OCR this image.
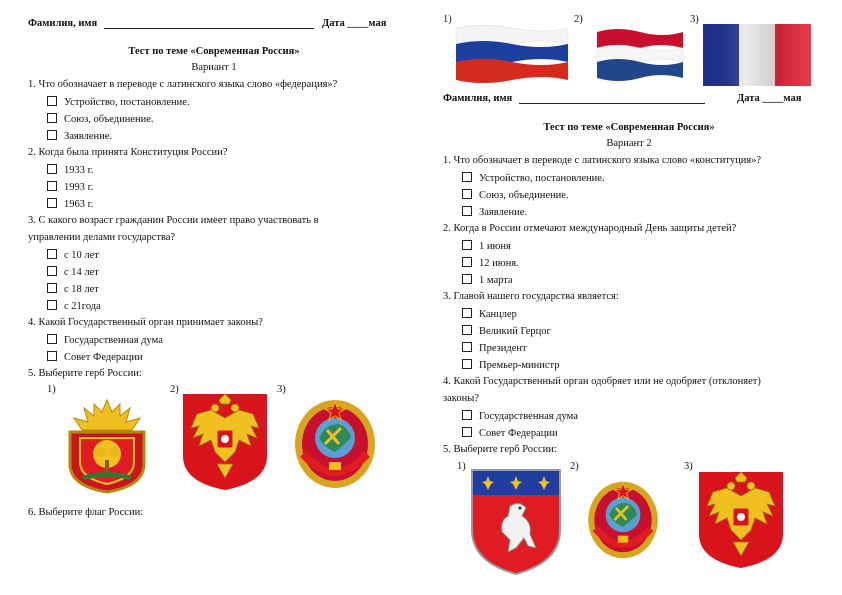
Фамилия, имя	Дата ____мая
Тест по теме «Современная Россия»
Вариант 1
1. Что обозначает в переводе с латинского языка слово «федерация»?
Устройство, постановление.
Союз, объединение.
Заявление.
2. Когда была принята Конституция России?
1933 г.
1993 г.
1963 г.
3. С какого возраст гражданин России имеет право участвовать в
управлении делами государства?
с 10 лет
с 14 лет
с 18 лет
с 21года
4. Какой Государственный орган принимает законы?
Государственная дума
Совет Федерации
5. Выберите герб России:
1)	2)	3)
6. Выберите флаг России:
1)	2)	3)
Фамилия, имя	Дата ____мая
Тест по теме «Современная Россия»
Вариант 2
1. Что обозначает в переводе с латинского языка слово «конституция»?
Устройство, постановление.
Союз, объединение.
Заявление.
2. Когда в России отмечают международный День защиты детей?
1 июня
12 июня.
1 марта
3. Главой нашего государства является:
Канцлер
Великий Герцог
Президент
Премьер-министр
4. Какой Государственный орган одобряет или не одобряет (отклоняет)
законы?
Государственная дума
Совет Федерации
5. Выберите герб России:
1)	2)	3)
